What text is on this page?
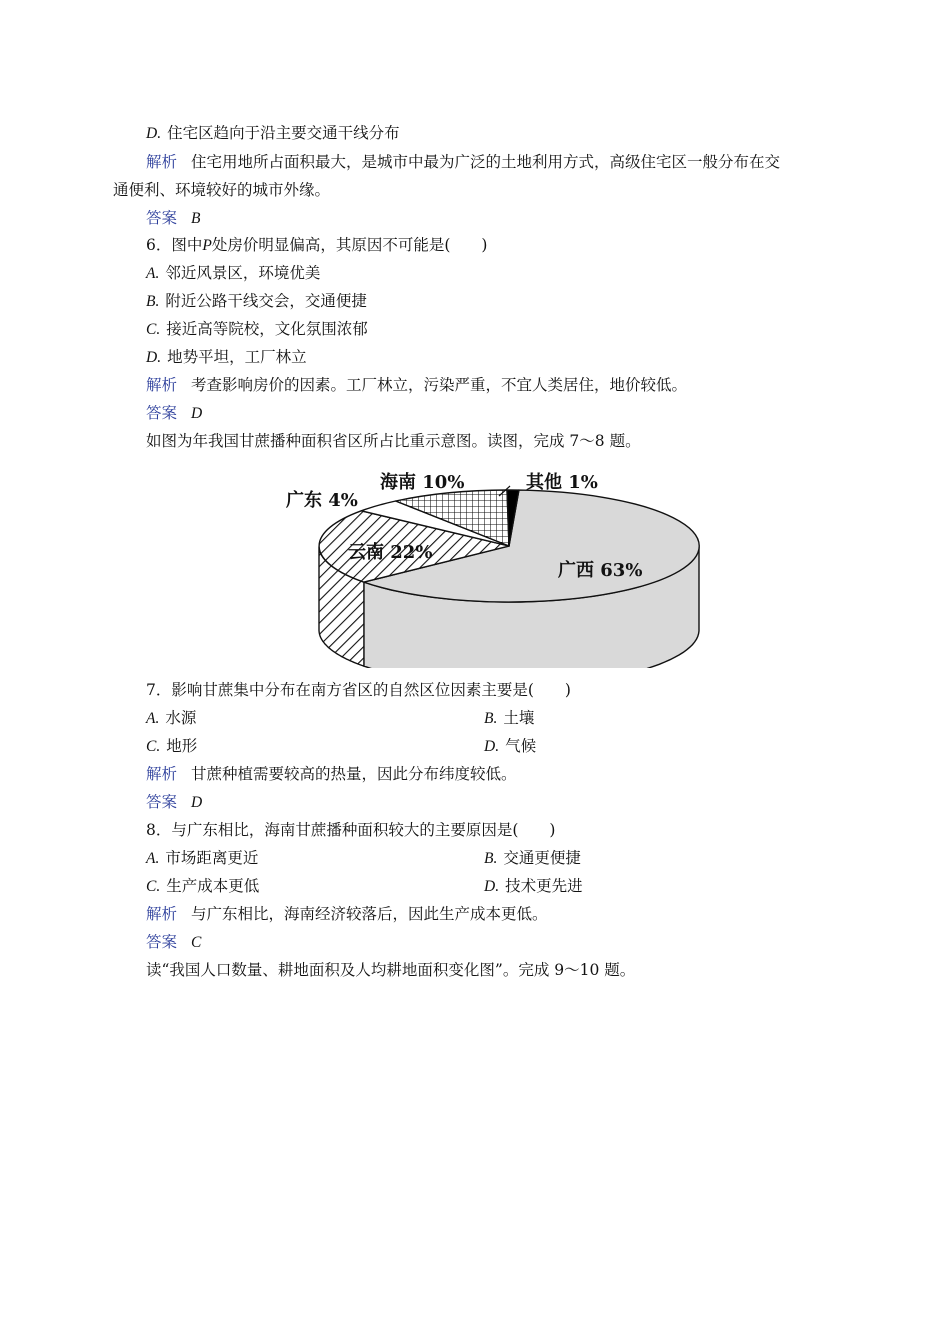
D. 住宅区趋向于沿主要交通干线分布
解析 住宅用地所占面积最大，是城市中最为广泛的土地利用方式，高级住宅区一般分布在交
通便利、环境较好的城市外缘。
答案 B
6．图中P处房价明显偏高，其原因不可能是(　　)
A. 邻近风景区，环境优美
B. 附近公路干线交会，交通便捷
C. 接近高等院校，文化氛围浓郁
D. 地势平坦，工厂林立
解析 考查影响房价的因素。工厂林立，污染严重，不宜人类居住，地价较低。
答案 D
如图为年我国甘蔗播种面积省区所占比重示意图。读图，完成 7～8 题。
广东 4%
海南 10%	其他 1%
云南 22%
广西 63%
7．影响甘蔗集中分布在南方省区的自然区位因素主要是(　　)
A. 水源	B. 土壤
C. 地形	D. 气候
解析 甘蔗种植需要较高的热量，因此分布纬度较低。
答案 D
8．与广东相比，海南甘蔗播种面积较大的主要原因是(　　)
A. 市场距离更近	B. 交通更便捷
C. 生产成本更低	D. 技术更先进
解析 与广东相比，海南经济较落后，因此生产成本更低。
答案 C
读“我国人口数量、耕地面积及人均耕地面积变化图”。完成 9～10 题。
